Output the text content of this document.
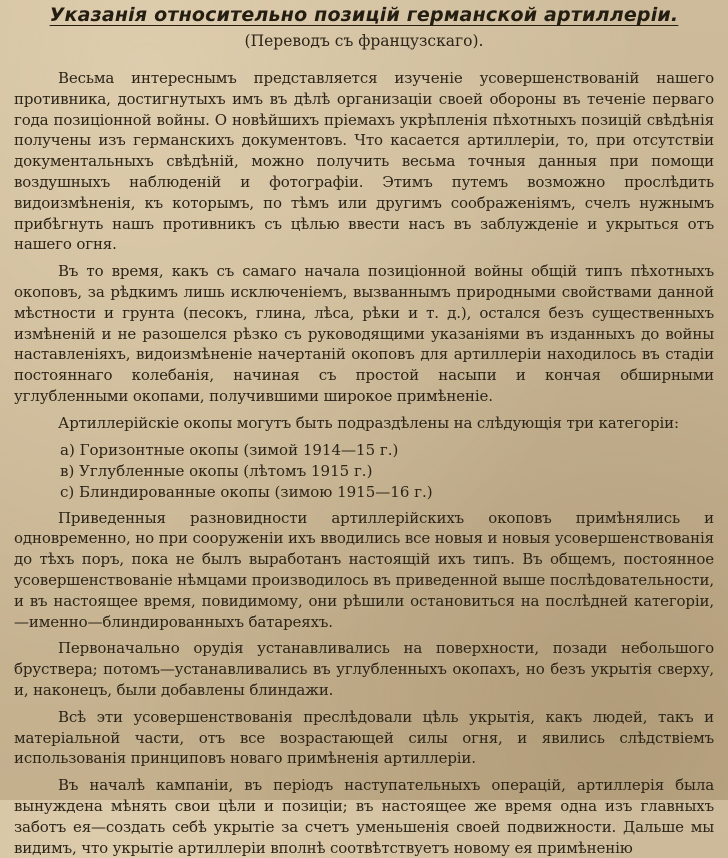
Указанія относительно позицій германской артиллеріи.
(Переводъ съ французскаго).

Весьма интереснымъ представляется изученіе усовершенствованій нашего противника, достигнутыхъ имъ въ дѣлѣ организаціи своей обороны въ теченіе перваго года позиціонной войны. О новѣйшихъ пріемахъ укрѣпленія пѣхотныхъ позицій свѣдѣнія получены изъ германскихъ документовъ. Что касается артиллеріи, то, при отсутствіи документальныхъ свѣдѣній, можно получить весьма точныя данныя при помощи воздушныхъ наблюденій и фотографіи. Этимъ путемъ возможно прослѣдить видоизмѣненія, къ которымъ, по тѣмъ или другимъ соображеніямъ, счелъ нужнымъ прибѣгнуть нашъ противникъ съ цѣлью ввести насъ въ заблужденіе и укрыться отъ нашего огня.

Въ то время, какъ съ самаго начала позиціонной войны общій типъ пѣхотныхъ окоповъ, за рѣдкимъ лишь исключеніемъ, вызваннымъ природными свойствами данной мѣстности и грунта (песокъ, глина, лѣса, рѣки и т. д.), остался безъ существенныхъ измѣненій и не разошелся рѣзко съ руководящими указаніями въ изданныхъ до войны наставленіяхъ, видоизмѣненіе начертаній окоповъ для артиллеріи находилось въ стадіи постояннаго колебанія, начиная съ простой насыпи и кончая обширными углубленными окопами, получившими широкое примѣненіе.

Артиллерійскіе окопы могутъ быть подраздѣлены на слѣдующія три категоріи:

а) Горизонтные окопы (зимой 1914—15 г.)
в) Углубленные окопы (лѣтомъ 1915 г.)
с) Блиндированные окопы (зимою 1915—16 г.)

Приведенныя разновидности артиллерійскихъ окоповъ примѣнялись и одновременно, но при сооруженіи ихъ вводились все новыя и новыя усовершенствованія до тѣхъ поръ, пока не былъ выработанъ настоящій ихъ типъ. Въ общемъ, постоянное усовершенствованіе нѣмцами производилось въ приведенной выше послѣдовательности, и въ настоящее время, повидимому, они рѣшили остановиться на послѣдней категоріи,—именно—блиндированныхъ батареяхъ.

Первоначально орудія устанавливались на поверхности, позади небольшого бруствера; потомъ—устанавливались въ углубленныхъ окопахъ, но безъ укрытія сверху, и, наконецъ, были добавлены блиндажи.

Всѣ эти усовершенствованія преслѣдовали цѣль укрытія, какъ людей, такъ и матеріальной части, отъ все возрастающей силы огня, и явились слѣдствіемъ использованія принциповъ новаго примѣненія артиллеріи.

Въ началѣ кампаніи, въ періодъ наступательныхъ операцій, артиллерія была вынуждена мѣнять свои цѣли и позиціи; въ настоящее же время одна изъ главныхъ заботъ ея—создать себѣ укрытіе за счетъ уменьшенія своей подвижности. Дальше мы видимъ, что укрытіе артиллеріи вполнѣ соотвѣтствуетъ новому ея примѣненію
